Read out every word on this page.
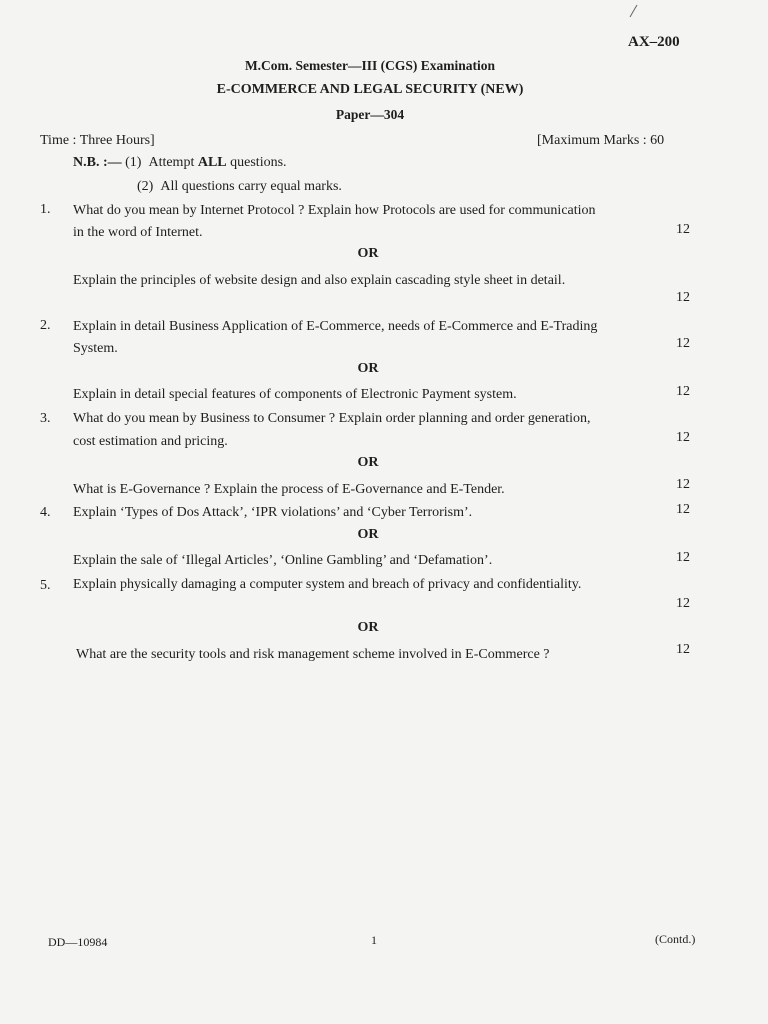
AX–200
M.Com. Semester—III (CGS) Examination
E-COMMERCE AND LEGAL SECURITY (NEW)
Paper—304
Time : Three Hours]	[Maximum Marks : 60
N.B. :— (1) Attempt ALL questions.
(2) All questions carry equal marks.
1. What do you mean by Internet Protocol ? Explain how Protocols are used for communication
in the word of Internet.	12
OR
Explain the principles of website design and also explain cascading style sheet in detail.
12
2. Explain in detail Business Application of E-Commerce, needs of E-Commerce and E-Trading
System.	12
OR
Explain in detail special features of components of Electronic Payment system.	12
3. What do you mean by Business to Consumer ? Explain order planning and order generation,
cost estimation and pricing.	12
OR
What is E-Governance ? Explain the process of E-Governance and E-Tender.	12
4. Explain ‘Types of Dos Attack’, ‘IPR violations’ and ‘Cyber Terrorism’.	12
OR
Explain the sale of ‘Illegal Articles’, ‘Online Gambling’ and ‘Defamation’.	12
5. Explain physically damaging a computer system and breach of privacy and confidentiality.
12
OR
What are the security tools and risk management scheme involved in E-Commerce ?	12
DD—10984	1	(Contd.)
